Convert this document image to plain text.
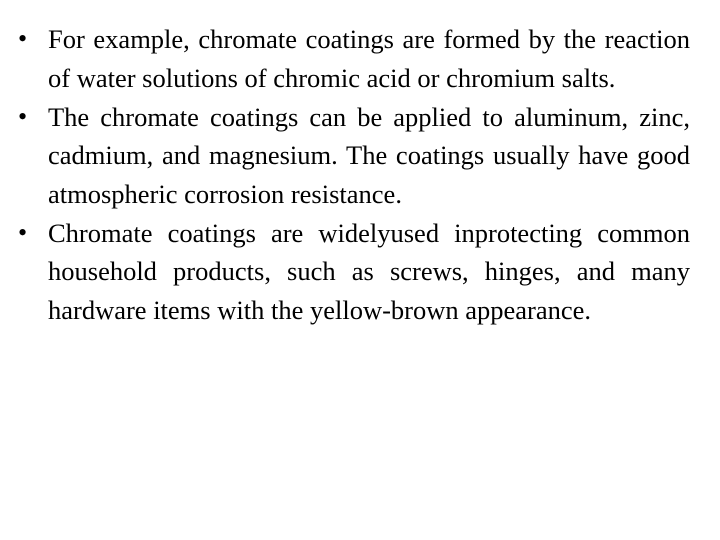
• For example, chromate coatings are formed by the reaction of water solutions of chromic acid or chromium salts.
• The chromate coatings can be applied to aluminum, zinc, cadmium, and magnesium. The coatings usually have good atmospheric corrosion resistance.
• Chromate coatings are widelyused inprotecting common household products, such as screws, hinges, and many hardware items with the yellow-brown appearance.
